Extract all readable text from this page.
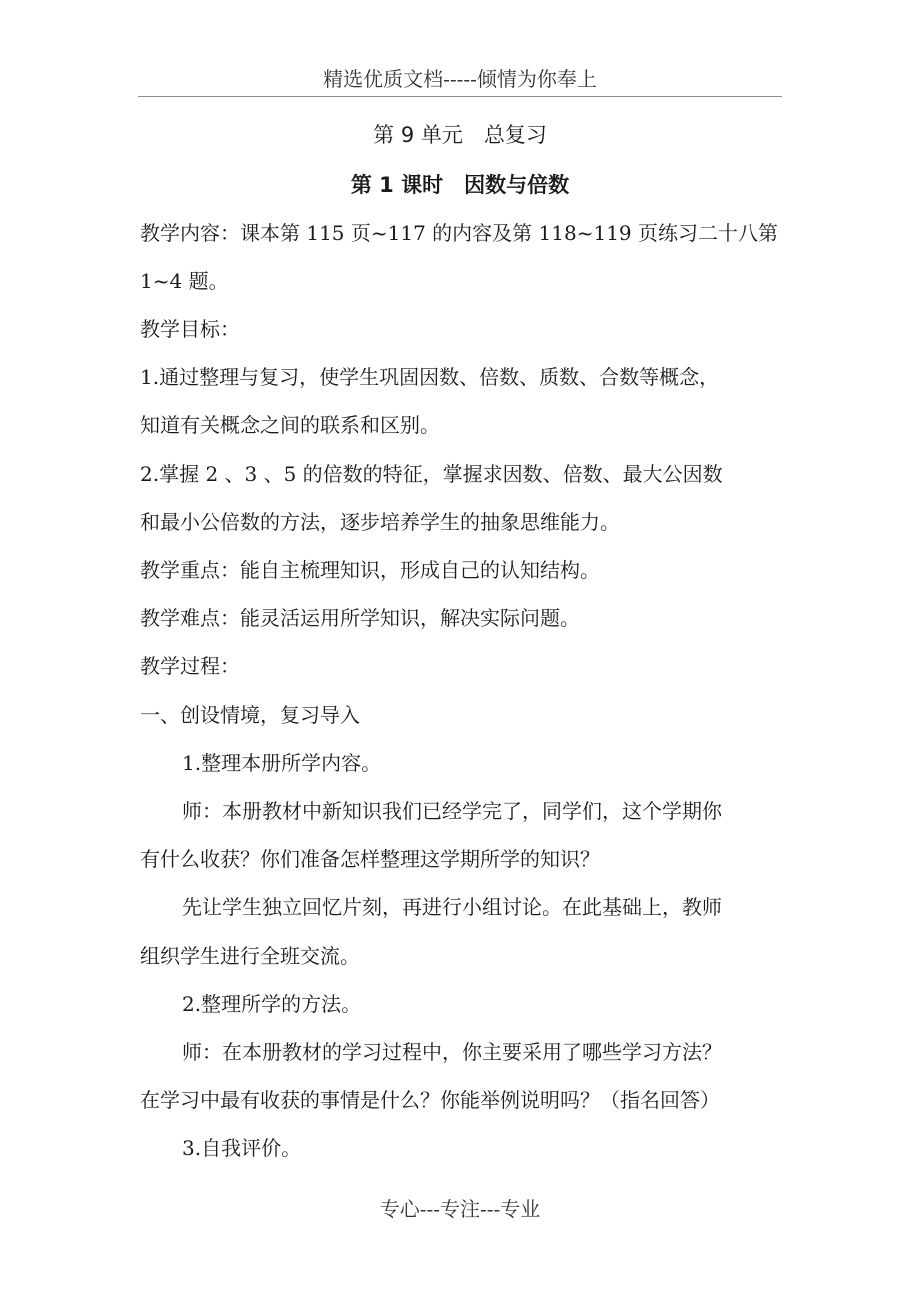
精选优质文档-----倾情为你奉上
第 9 单元　总复习
第 1 课时　因数与倍数
教学内容：课本第 115 页~117 的内容及第 118~119 页练习二十八第
1~4 题。
教学目标：
1.通过整理与复习，使学生巩固因数、倍数、质数、合数等概念，
知道有关概念之间的联系和区别。
2.掌握 2 、3 、5 的倍数的特征，掌握求因数、倍数、最大公因数
和最小公倍数的方法，逐步培养学生的抽象思维能力。
教学重点：能自主梳理知识，形成自己的认知结构。
教学难点：能灵活运用所学知识，解决实际问题。
教学过程：
一、创设情境，复习导入
1.整理本册所学内容。
师：本册教材中新知识我们已经学完了，同学们，这个学期你
有什么收获？你们准备怎样整理这学期所学的知识？
先让学生独立回忆片刻，再进行小组讨论。在此基础上，教师
组织学生进行全班交流。
2.整理所学的方法。
师：在本册教材的学习过程中，你主要采用了哪些学习方法？
在学习中最有收获的事情是什么？你能举例说明吗？（指名回答）
3.自我评价。
专心---专注---专业
